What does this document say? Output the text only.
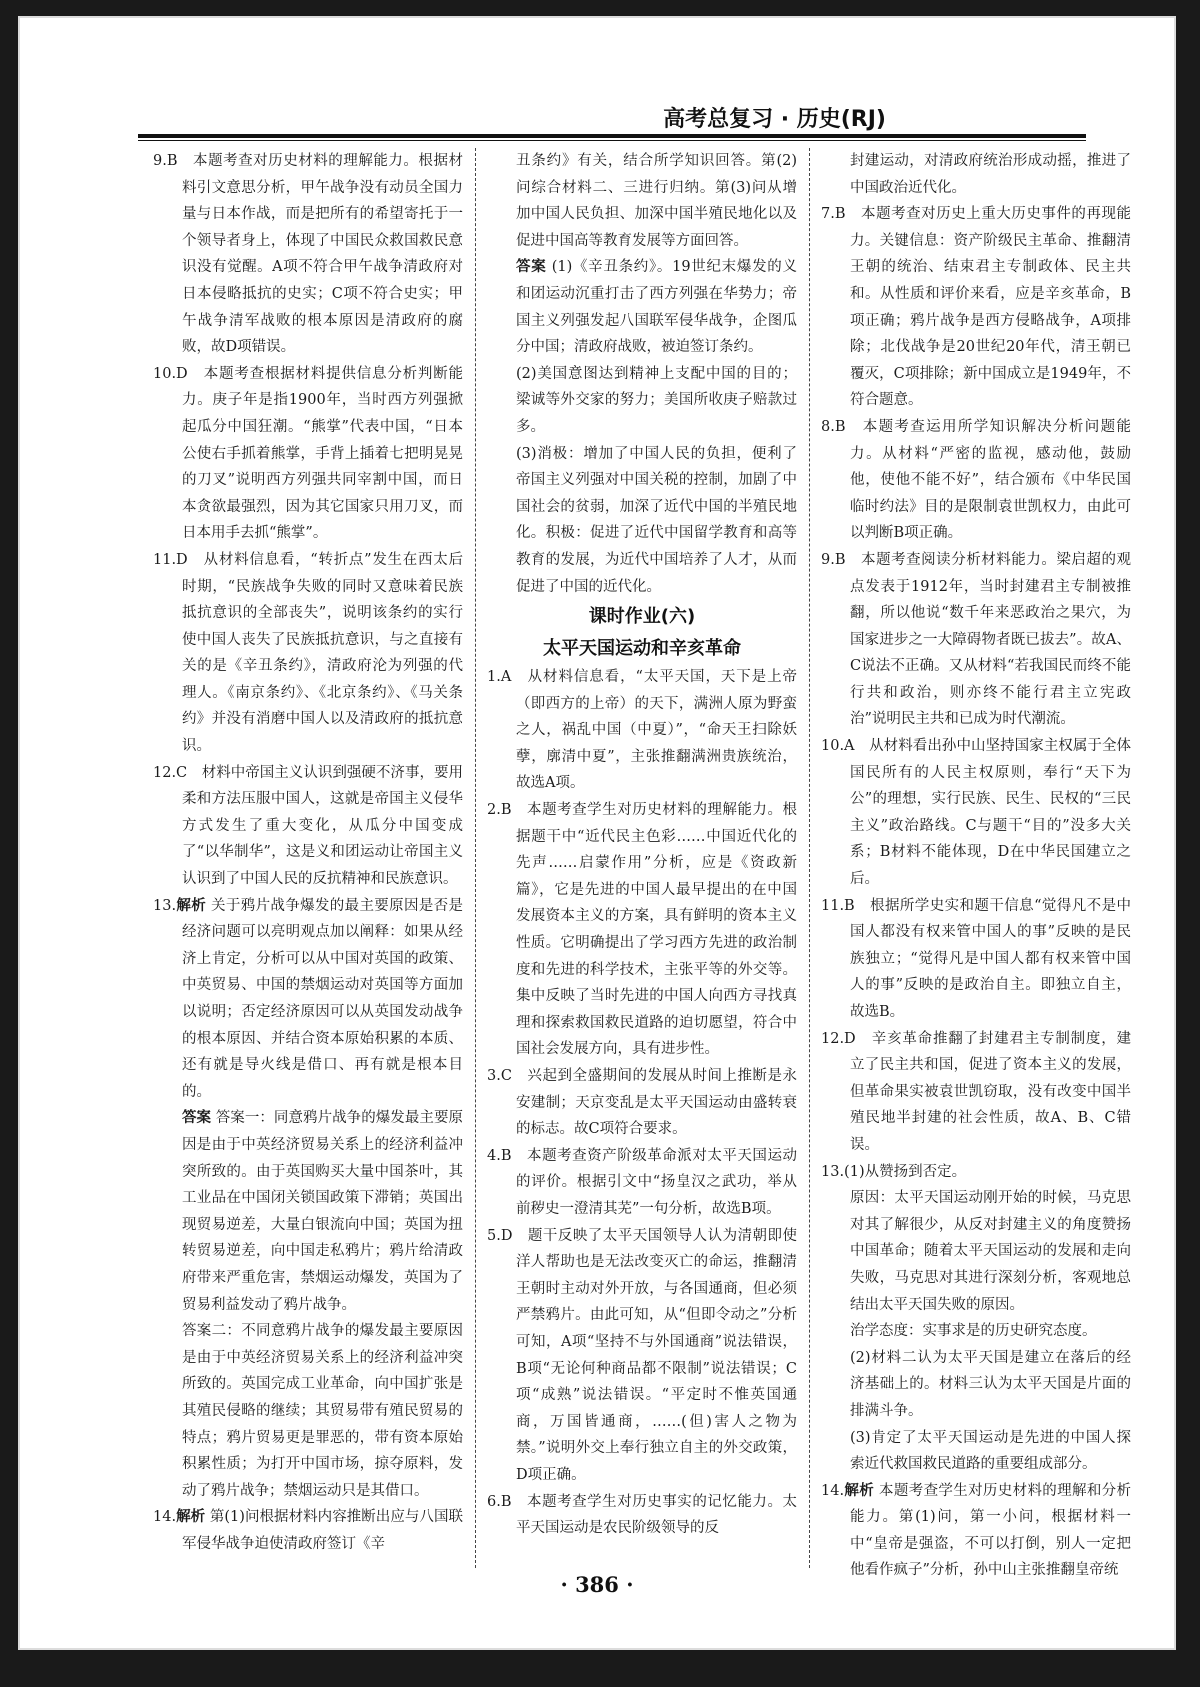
高考总复习 · 历史(RJ)

9.B　本题考查对历史材料的理解能力。根据材料引文意思分析，甲午战争没有动员全国力量与日本作战，而是把所有的希望寄托于一个领导者身上，体现了中国民众救国救民意识没有觉醒。A项不符合甲午战争清政府对日本侵略抵抗的史实；C项不符合史实；甲午战争清军战败的根本原因是清政府的腐败，故D项错误。

10.D　本题考查根据材料提供信息分析判断能力。庚子年是指1900年，当时西方列强掀起瓜分中国狂潮。“熊掌”代表中国，“日本公使右手抓着熊掌，手背上插着七把明晃晃的刀叉”说明西方列强共同宰割中国，而日本贪欲最强烈，因为其它国家只用刀叉，而日本用手去抓“熊掌”。

11.D　从材料信息看，“转折点”发生在西太后时期，“民族战争失败的同时又意味着民族抵抗意识的全部丧失”，说明该条约的实行使中国人丧失了民族抵抗意识，与之直接有关的是《辛丑条约》，清政府沦为列强的代理人。《南京条约》、《北京条约》、《马关条约》并没有消磨中国人以及清政府的抵抗意识。

12.C　材料中帝国主义认识到强硬不济事，要用柔和方法压服中国人，这就是帝国主义侵华方式发生了重大变化，从瓜分中国变成了“以华制华”，这是义和团运动让帝国主义认识到了中国人民的反抗精神和民族意识。

13.解析 关于鸦片战争爆发的最主要原因是否是经济问题可以亮明观点加以阐释：如果从经济上肯定，分析可以从中国对英国的政策、中英贸易、中国的禁烟运动对英国等方面加以说明；否定经济原因可以从英国发动战争的根本原因、并结合资本原始积累的本质、还有就是导火线是借口、再有就是根本目的。

答案 答案一：同意鸦片战争的爆发最主要原因是由于中英经济贸易关系上的经济利益冲突所致的。由于英国购买大量中国茶叶，其工业品在中国闭关锁国政策下滞销；英国出现贸易逆差，大量白银流向中国；英国为扭转贸易逆差，向中国走私鸦片；鸦片给清政府带来严重危害，禁烟运动爆发，英国为了贸易利益发动了鸦片战争。

答案二：不同意鸦片战争的爆发最主要原因是由于中英经济贸易关系上的经济利益冲突所致的。英国完成工业革命，向中国扩张是其殖民侵略的继续；其贸易带有殖民贸易的特点；鸦片贸易更是罪恶的，带有资本原始积累性质；为打开中国市场，掠夺原料，发动了鸦片战争；禁烟运动只是其借口。

14.解析 第(1)问根据材料内容推断出应与八国联军侵华战争迫使清政府签订《辛

丑条约》有关，结合所学知识回答。第(2)问综合材料二、三进行归纳。第(3)问从增加中国人民负担、加深中国半殖民地化以及促进中国高等教育发展等方面回答。

答案 (1)《辛丑条约》。19世纪末爆发的义和团运动沉重打击了西方列强在华势力；帝国主义列强发起八国联军侵华战争，企图瓜分中国；清政府战败，被迫签订条约。

(2)美国意图达到精神上支配中国的目的；梁诚等外交家的努力；美国所收庚子赔款过多。

(3)消极：增加了中国人民的负担，便利了帝国主义列强对中国关税的控制，加剧了中国社会的贫弱，加深了近代中国的半殖民地化。积极：促进了近代中国留学教育和高等教育的发展，为近代中国培养了人才，从而促进了中国的近代化。

课时作业(六)
太平天国运动和辛亥革命

1.A　从材料信息看，“太平天国，天下是上帝（即西方的上帝）的天下，满洲人原为野蛮之人，祸乱中国（中夏）”，“命天王扫除妖孽，廓清中夏”，主张推翻满洲贵族统治，故选A项。

2.B　本题考查学生对历史材料的理解能力。根据题干中“近代民主色彩……中国近代化的先声……启蒙作用”分析，应是《资政新篇》，它是先进的中国人最早提出的在中国发展资本主义的方案，具有鲜明的资本主义性质。它明确提出了学习西方先进的政治制度和先进的科学技术，主张平等的外交等。集中反映了当时先进的中国人向西方寻找真理和探索救国救民道路的迫切愿望，符合中国社会发展方向，具有进步性。

3.C　兴起到全盛期间的发展从时间上推断是永安建制；天京变乱是太平天国运动由盛转衰的标志。故C项符合要求。

4.B　本题考查资产阶级革命派对太平天国运动的评价。根据引文中“扬皇汉之武功，举从前秽史一澄清其芜”一句分析，故选B项。

5.D　题干反映了太平天国领导人认为清朝即使洋人帮助也是无法改变灭亡的命运，推翻清王朝时主动对外开放，与各国通商，但必须严禁鸦片。由此可知，从“但即令动之”分析可知，A项“坚持不与外国通商”说法错误，B项“无论何种商品都不限制”说法错误；C项“成熟”说法错误。“平定时不惟英国通商，万国皆通商，……(但)害人之物为禁。”说明外交上奉行独立自主的外交政策，D项正确。

6.B　本题考查学生对历史事实的记忆能力。太平天国运动是农民阶级领导的反

封建运动，对清政府统治形成动摇，推进了中国政治近代化。

7.B　本题考查对历史上重大历史事件的再现能力。关键信息：资产阶级民主革命、推翻清王朝的统治、结束君主专制政体、民主共和。从性质和评价来看，应是辛亥革命，B项正确；鸦片战争是西方侵略战争，A项排除；北伐战争是20世纪20年代，清王朝已覆灭，C项排除；新中国成立是1949年，不符合题意。

8.B　本题考查运用所学知识解决分析问题能力。从材料“严密的监视，感动他，鼓励他，使他不能不好”，结合颁布《中华民国临时约法》目的是限制袁世凯权力，由此可以判断B项正确。

9.B　本题考查阅读分析材料能力。梁启超的观点发表于1912年，当时封建君主专制被推翻，所以他说“数千年来恶政治之果穴，为国家进步之一大障碍物者既已拔去”。故A、C说法不正确。又从材料“若我国民而终不能行共和政治，则亦终不能行君主立宪政治”说明民主共和已成为时代潮流。

10.A　从材料看出孙中山坚持国家主权属于全体国民所有的人民主权原则，奉行“天下为公”的理想，实行民族、民生、民权的“三民主义”政治路线。C与题干“目的”没多大关系；B材料不能体现，D在中华民国建立之后。

11.B　根据所学史实和题干信息“觉得凡不是中国人都没有权来管中国人的事”反映的是民族独立；“觉得凡是中国人都有权来管中国人的事”反映的是政治自主。即独立自主，故选B。

12.D　辛亥革命推翻了封建君主专制制度，建立了民主共和国，促进了资本主义的发展，但革命果实被袁世凯窃取，没有改变中国半殖民地半封建的社会性质，故A、B、C错误。

13.(1)从赞扬到否定。

原因：太平天国运动刚开始的时候，马克思对其了解很少，从反对封建主义的角度赞扬中国革命；随着太平天国运动的发展和走向失败，马克思对其进行深刻分析，客观地总结出太平天国失败的原因。

治学态度：实事求是的历史研究态度。

(2)材料二认为太平天国是建立在落后的经济基础上的。材料三认为太平天国是片面的排满斗争。

(3)肯定了太平天国运动是先进的中国人探索近代救国救民道路的重要组成部分。

14.解析 本题考查学生对历史材料的理解和分析能力。第(1)问，第一小问，根据材料一中“皇帝是强盗，不可以打倒，别人一定把他看作疯子”分析，孙中山主张推翻皇帝统

· 386 ·
